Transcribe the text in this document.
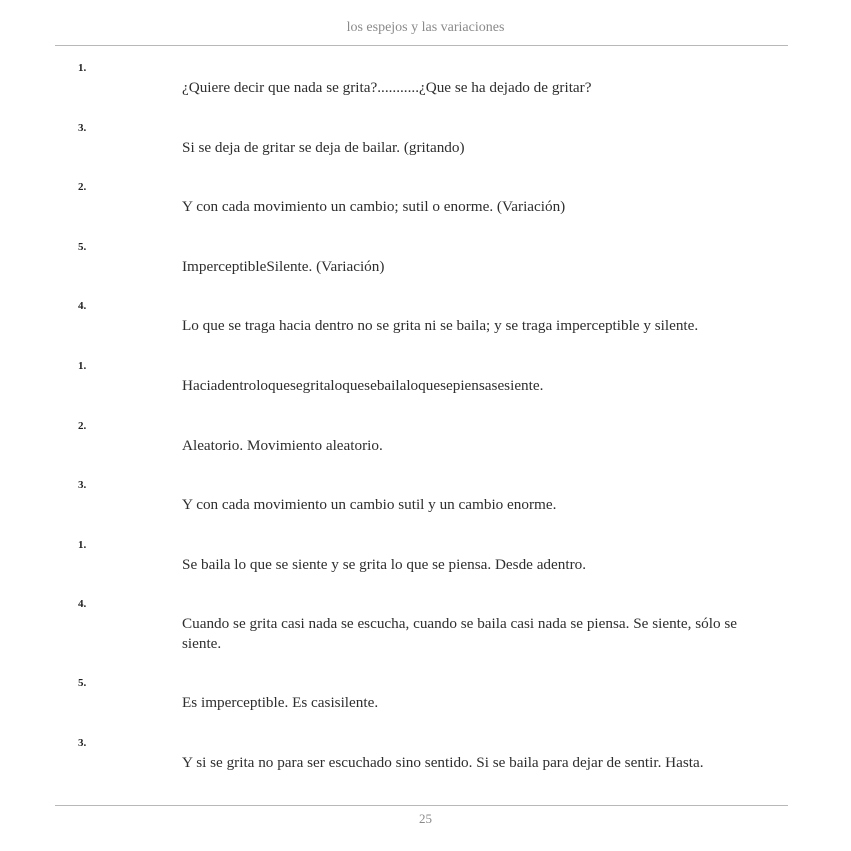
los espejos y las variaciones
1.
¿Quiere decir que nada se grita?...........¿Que se ha dejado de gritar?
3.
Si se deja de gritar se deja de bailar. (gritando)
2.
Y con cada movimiento un cambio; sutil o enorme. (Variación)
5.
ImperceptibleSilente. (Variación)
4.
Lo que se traga hacia dentro no se grita ni se baila; y se traga imperceptible y silente.
1.
Haciadentroloquesegritaloquesebailaloquesepiensasesiente.
2.
Aleatorio. Movimiento aleatorio.
3.
Y con cada movimiento un cambio sutil y un cambio enorme.
1.
Se baila lo que se siente y se grita lo que se piensa. Desde adentro.
4.
Cuando se grita casi nada se escucha, cuando se baila casi nada se piensa. Se siente, sólo se siente.
5.
Es imperceptible. Es casisilente.
3.
Y si se grita no para ser escuchado sino sentido. Si se baila para dejar de sentir. Hasta.
25
